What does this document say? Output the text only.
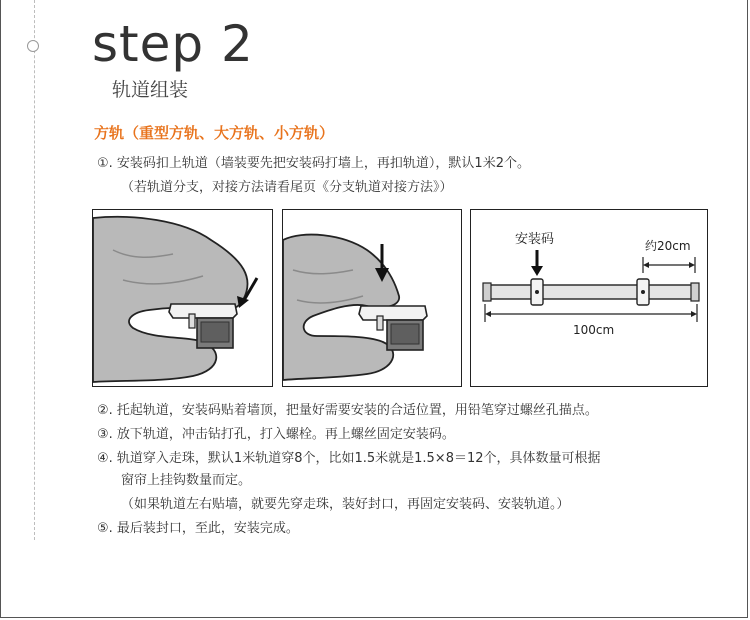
step 2
轨道组装
方轨（重型方轨、大方轨、小方轨）
①. 安装码扣上轨道（墙装要先把安装码打墙上，再扣轨道），默认1米2个。
（若轨道分支，对接方法请看尾页《分支轨道对接方法》）
安装码	约20cm
100cm
②. 托起轨道，安装码贴着墙顶，把量好需要安装的合适位置，用铅笔穿过螺丝孔描点。
③. 放下轨道，冲击钻打孔，打入螺栓。再上螺丝固定安装码。
④. 轨道穿入走珠，默认1米轨道穿8个，比如1.5米就是1.5×8＝12个，具体数量可根据
窗帘上挂钩数量而定。
（如果轨道左右贴墙，就要先穿走珠，装好封口，再固定安装码、安装轨道。）
⑤. 最后装封口，至此，安装完成。
